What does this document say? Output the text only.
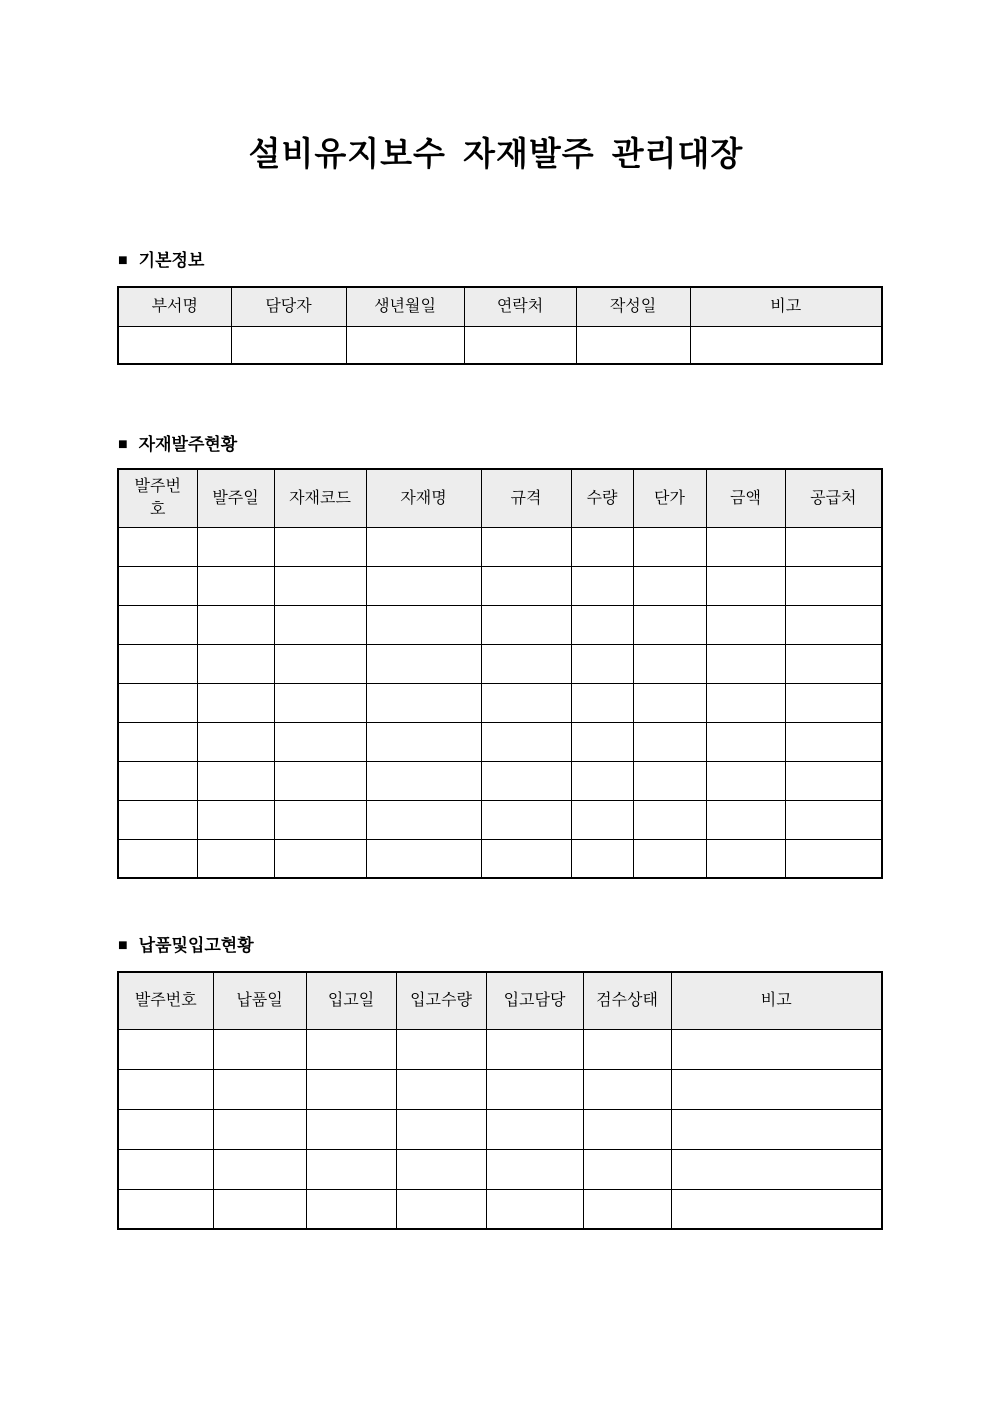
설비유지보수 자재발주 관리대장
■ 기본정보
부서명	담당자	생년월일	연락처	작성일	비고

■ 자재발주현황
발주번호	발주일	자재코드	자재명	규격	수량	단가	금액	공급처

■ 납품및입고현황
발주번호	납품일	입고일	입고수량	입고담당	검수상태	비고
